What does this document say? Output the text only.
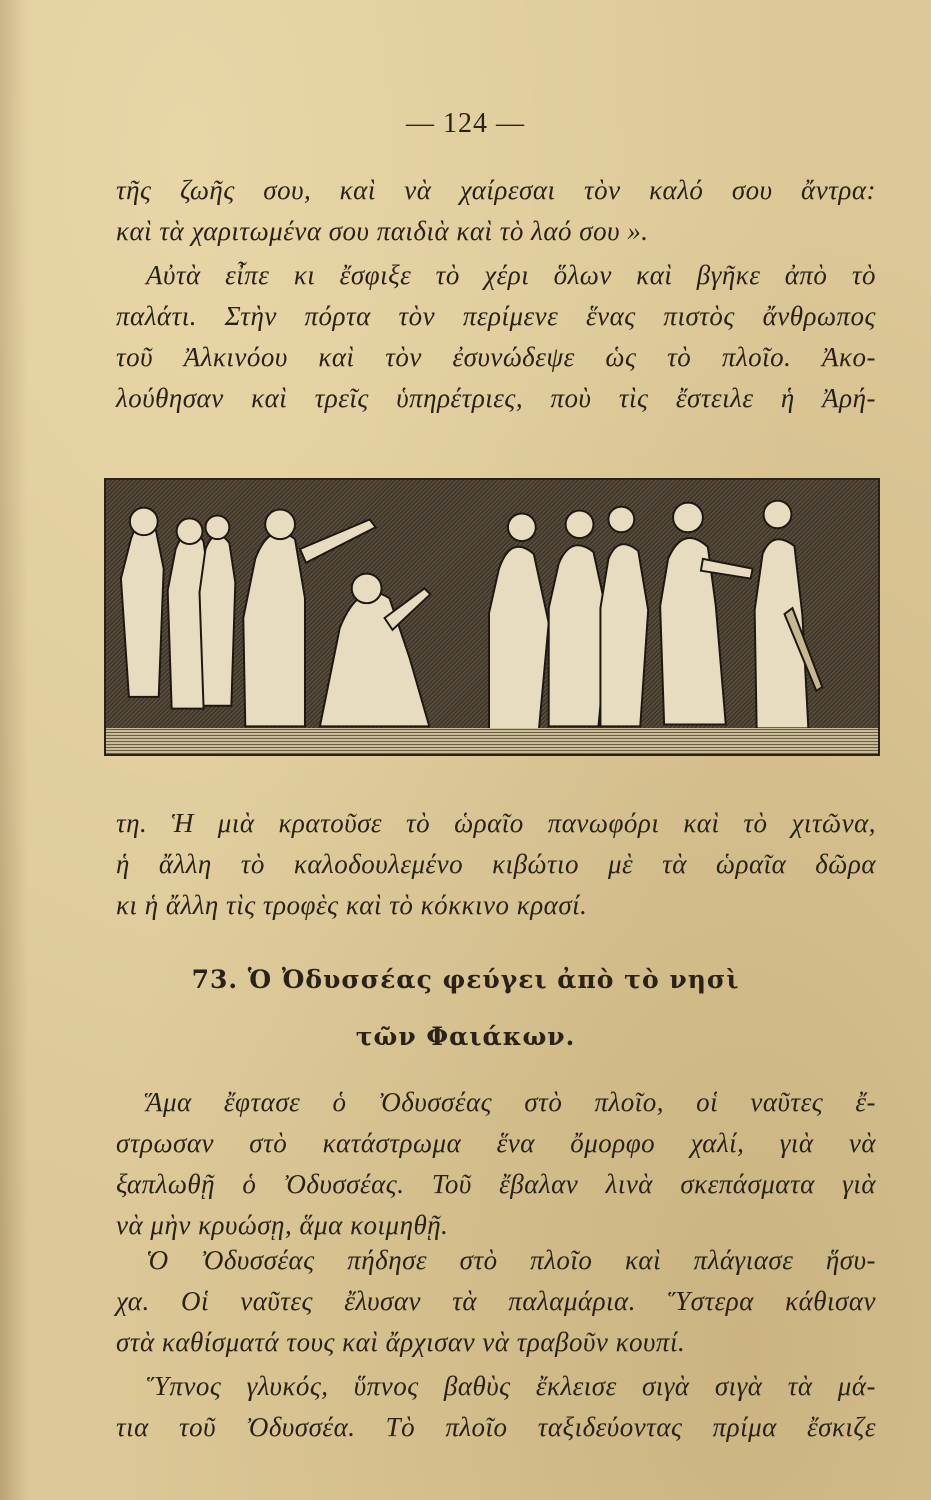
— 124 —
τῆς ζωῆς σου, καὶ νὰ χαίρεσαι τὸν καλό σου ἄντρα:
καὶ τὰ χαριτωμένα σου παιδιὰ καὶ τὸ λαό σου ».
Αὐτὰ εἶπε κι ἔσφιξε τὸ χέρι ὅλων καὶ βγῆκε ἀπὸ τὸ
παλάτι. Στὴν πόρτα τὸν περίμενε ἕνας πιστὸς ἄνθρωπος
τοῦ Ἀλκινόου καὶ τὸν ἐσυνώδεψε ὡς τὸ πλοῖο. Ἀκο-
λούθησαν καὶ τρεῖς ὑπηρέτριες, ποὺ τὶς ἔστειλε ἡ Ἀρή-
τη. Ἡ μιὰ κρατοῦσε τὸ ὡραῖο πανωφόρι καὶ τὸ χιτῶνα,
ἡ ἄλλη τὸ καλοδουλεμένο κιβώτιο μὲ τὰ ὡραῖα δῶρα
κι ἡ ἄλλη τὶς τροφὲς καὶ τὸ κόκκινο κρασί.
73. Ὁ Ὀδυσσέας φεύγει ἀπὸ τὸ νησὶ
τῶν Φαιάκων.
Ἅμα ἔφτασε ὁ Ὀδυσσέας στὸ πλοῖο, οἱ ναῦτες ἔ-
στρωσαν στὸ κατάστρωμα ἕνα ὄμορφο χαλί, γιὰ νὰ
ξαπλωθῇ ὁ Ὀδυσσέας. Τοῦ ἔβαλαν λινὰ σκεπάσματα γιὰ
νὰ μὴν κρυώσῃ, ἅμα κοιμηθῇ.
Ὁ Ὀδυσσέας πήδησε στὸ πλοῖο καὶ πλάγιασε ἥσυ-
χα. Οἱ ναῦτες ἔλυσαν τὰ παλαμάρια. Ὕστερα κάθισαν
στὰ καθίσματά τους καὶ ἄρχισαν νὰ τραβοῦν κουπί.
Ὕπνος γλυκός, ὕπνος βαθὺς ἔκλεισε σιγὰ σιγὰ τὰ μά-
τια τοῦ Ὀδυσσέα. Τὸ πλοῖο ταξιδεύοντας πρίμα ἔσκιζε
